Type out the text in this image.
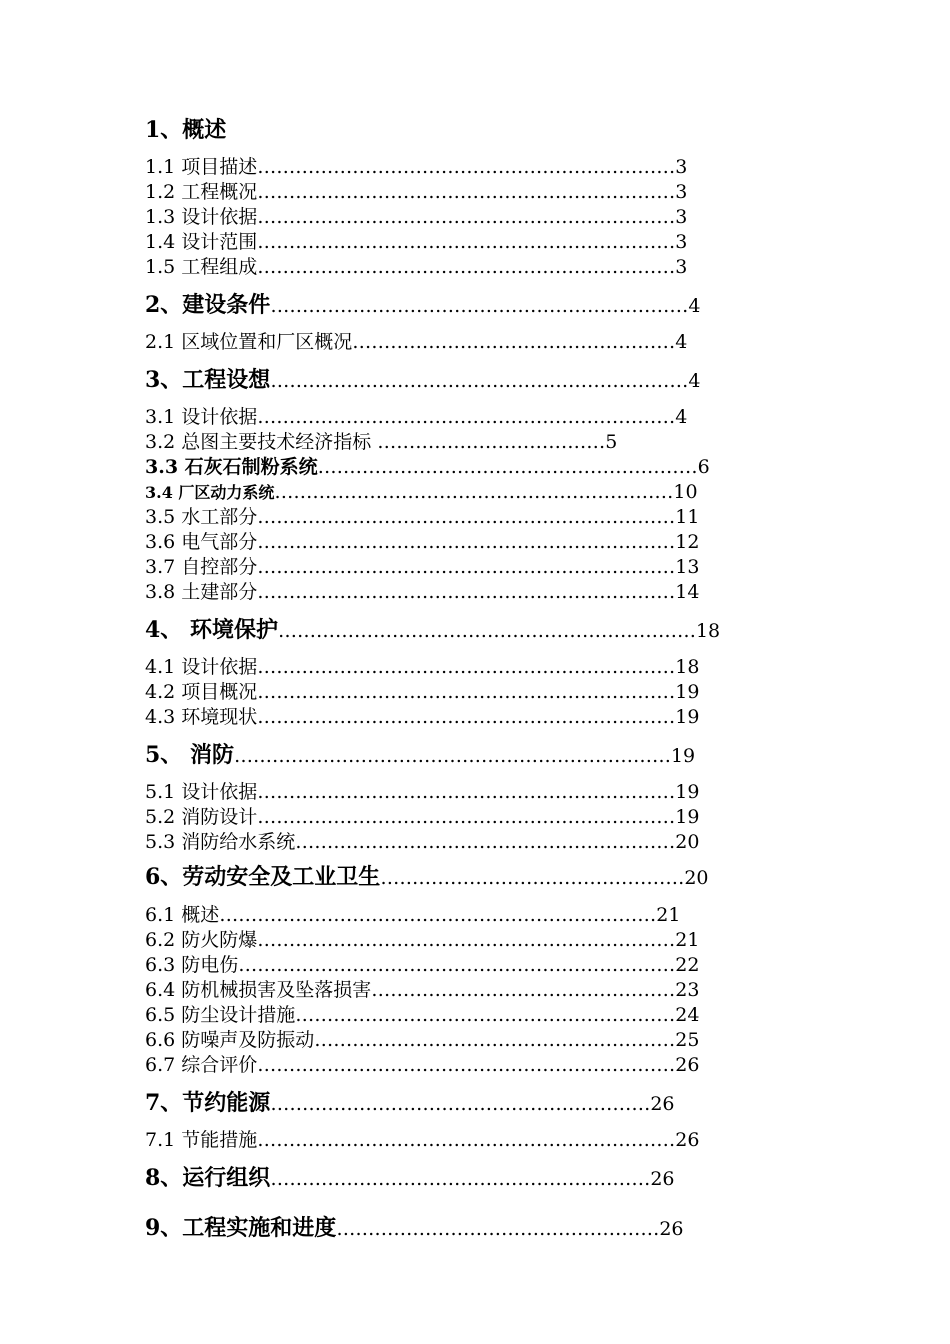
1、概述
1.1 项目描述…………………………………………………………3
1.2 工程概况…………………………………………………………3
1.3 设计依据…………………………………………………………3
1.4 设计范围…………………………………………………………3
1.5 工程组成…………………………………………………………3
2、建设条件…………………………………………………………4
2.1 区域位置和厂区概况……………………………………………4
3、工程设想…………………………………………………………4
3.1 设计依据…………………………………………………………4
3.2 总图主要技术经济指标 ………………………………5
3.3 石灰石制粉系统……………………………………………………6
3.4 厂区动力系统………………………………………………………10
3.5 水工部分…………………………………………………………11
3.6 电气部分…………………………………………………………12
3.7 自控部分…………………………………………………………13
3.8 土建部分…………………………………………………………14
4、 环境保护…………………………………………………………18
4.1 设计依据…………………………………………………………18
4.2 项目概况…………………………………………………………19
4.3 环境现状…………………………………………………………19
5、 消防……………………………………………………………19
5.1 设计依据…………………………………………………………19
5.2 消防设计…………………………………………………………19
5.3 消防给水系统……………………………………………………20
6、劳动安全及工业卫生…………………………………………20
6.1 概述……………………………………………………………21
6.2 防火防爆…………………………………………………………21
6.3 防电伤……………………………………………………………22
6.4 防机械损害及坠落损害…………………………………………23
6.5 防尘设计措施……………………………………………………24
6.6 防噪声及防振动…………………………………………………25
6.7 综合评价…………………………………………………………26
7、节约能源……………………………………………………26
7.1 节能措施…………………………………………………………26
8、运行组织……………………………………………………26
9、工程实施和进度……………………………………………26
